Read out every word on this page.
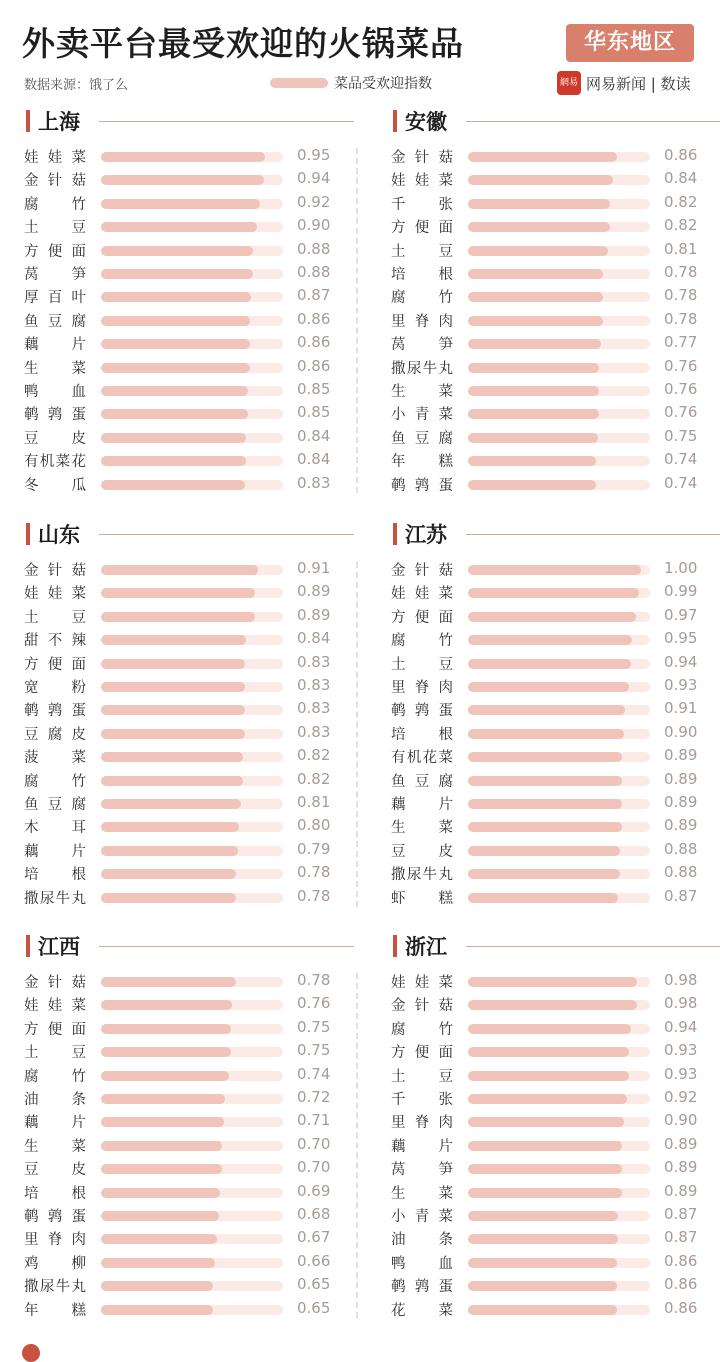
外卖平台最受欢迎的火锅菜品	华东地区
数据来源：饿了么	菜品受欢迎指数	網易 网易新闻 | 数读
上海
娃 娃 菜	0.95
金 针 菇	0.94
腐 竹	0.92
土 豆	0.90
方 便 面	0.88
莴 笋	0.88
厚 百 叶	0.87
鱼 豆 腐	0.86
藕 片	0.86
生 菜	0.86
鸭 血	0.85
鹌 鹑 蛋	0.85
豆 皮	0.84
有机菜花	0.84
冬 瓜	0.83
安徽
金 针 菇	0.86
娃 娃 菜	0.84
千 张	0.82
方 便 面	0.82
土 豆	0.81
培 根	0.78
腐 竹	0.78
里 脊 肉	0.78
莴 笋	0.77
撒尿牛丸	0.76
生 菜	0.76
小 青 菜	0.76
鱼 豆 腐	0.75
年 糕	0.74
鹌 鹑 蛋	0.74
山东
金 针 菇	0.91
娃 娃 菜	0.89
土 豆	0.89
甜 不 辣	0.84
方 便 面	0.83
宽 粉	0.83
鹌 鹑 蛋	0.83
豆 腐 皮	0.83
菠 菜	0.82
腐 竹	0.82
鱼 豆 腐	0.81
木 耳	0.80
藕 片	0.79
培 根	0.78
撒尿牛丸	0.78
江苏
金 针 菇	1.00
娃 娃 菜	0.99
方 便 面	0.97
腐 竹	0.95
土 豆	0.94
里 脊 肉	0.93
鹌 鹑 蛋	0.91
培 根	0.90
有机花菜	0.89
鱼 豆 腐	0.89
藕 片	0.89
生 菜	0.89
豆 皮	0.88
撒尿牛丸	0.88
虾 糕	0.87
江西
金 针 菇	0.78
娃 娃 菜	0.76
方 便 面	0.75
土 豆	0.75
腐 竹	0.74
油 条	0.72
藕 片	0.71
生 菜	0.70
豆 皮	0.70
培 根	0.69
鹌 鹑 蛋	0.68
里 脊 肉	0.67
鸡 柳	0.66
撒尿牛丸	0.65
年 糕	0.65
浙江
娃 娃 菜	0.98
金 针 菇	0.98
腐 竹	0.94
方 便 面	0.93
土 豆	0.93
千 张	0.92
里 脊 肉	0.90
藕 片	0.89
莴 笋	0.89
生 菜	0.89
小 青 菜	0.87
油 条	0.87
鸭 血	0.86
鹌 鹑 蛋	0.86
花 菜	0.86
